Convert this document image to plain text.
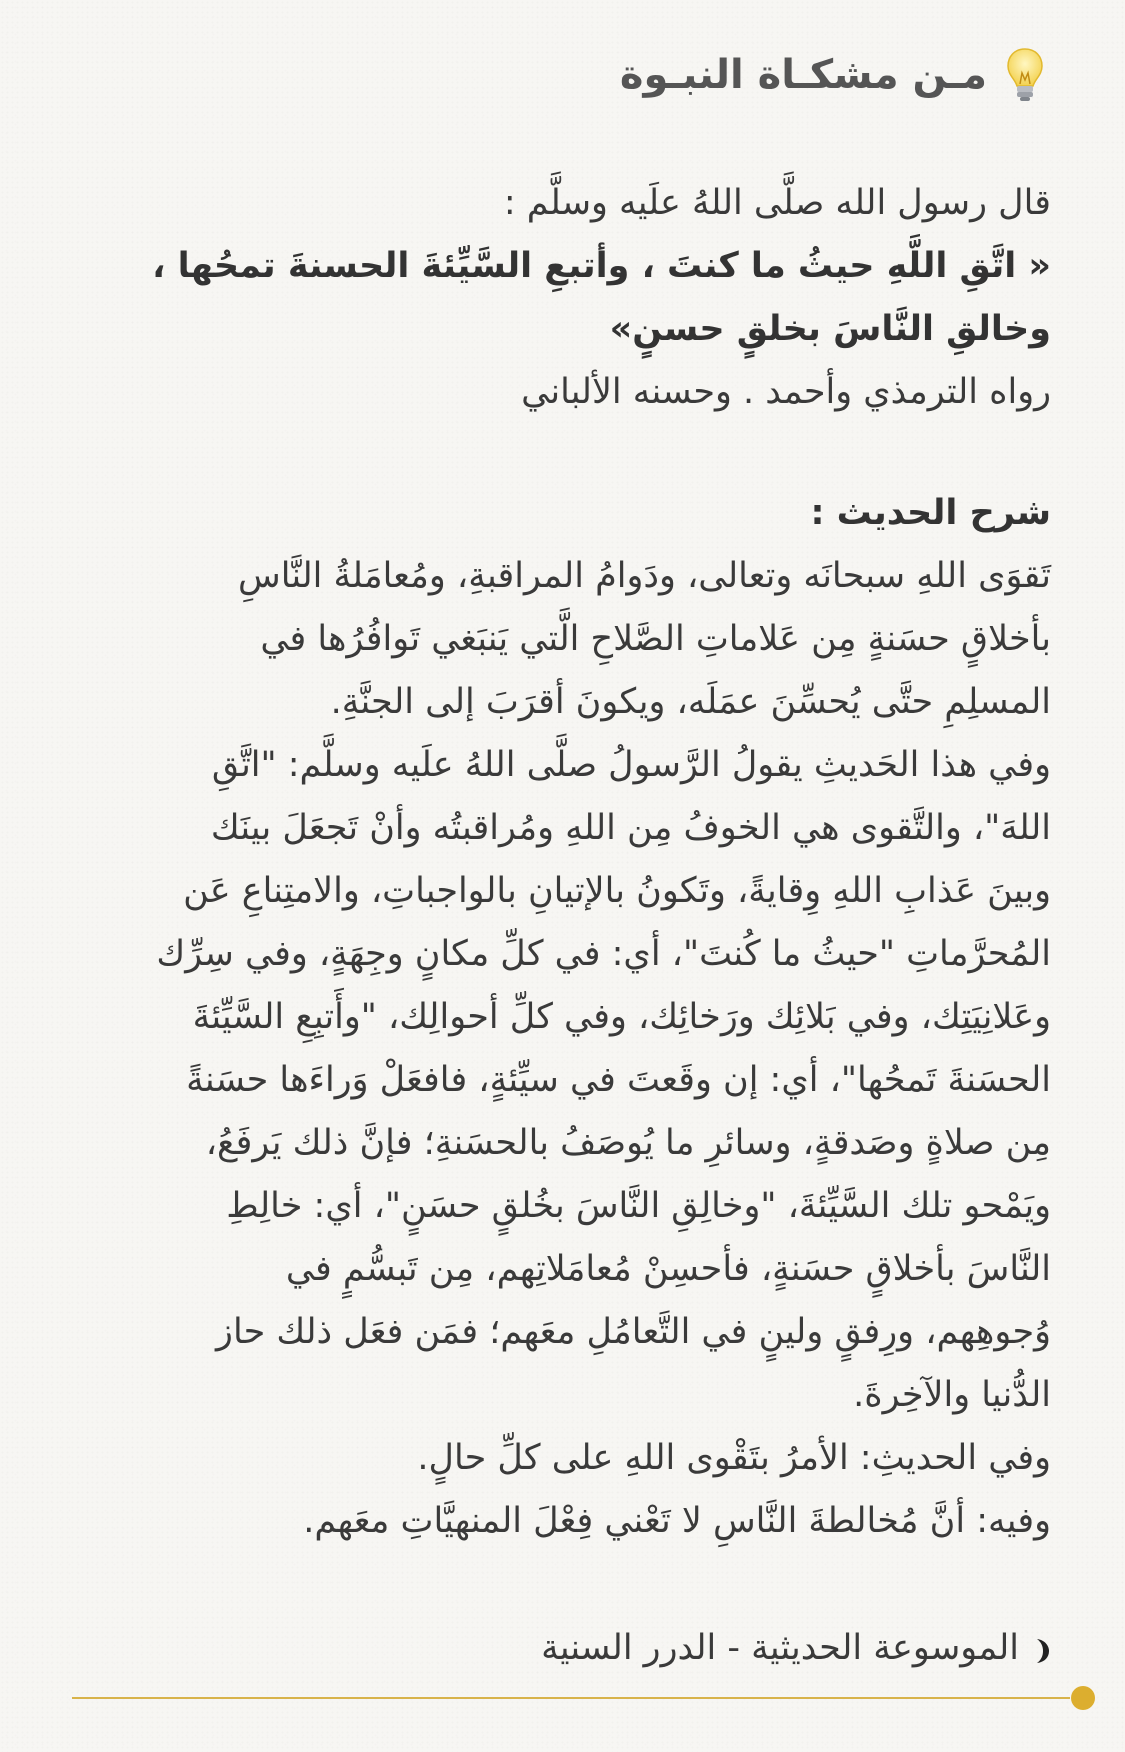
مـن مشكـاة النبـوة

قال رسول الله صلَّى اللهُ علَيه وسلَّم :

« اتَّقِ اللَّهِ حيثُ ما كنتَ ، وأتبعِ السَّيِّئةَ الحسنةَ تمحُها ،

وخالقِ النَّاسَ بخلقٍ حسنٍ»

رواه الترمذي وأحمد . وحسنه الألباني

شرح الحديث :

تَقوَى اللهِ سبحانَه وتعالى، ودَوامُ المراقبةِ، ومُعامَلةُ النَّاسِ

بأخلاقٍ حسَنةٍ مِن عَلاماتِ الصَّلاحِ الَّتي يَنبَغي تَوافُرُها في

المسلِمِ حتَّى يُحسِّنَ عمَلَه، ويكونَ أقرَبَ إلى الجنَّةِ.

وفي هذا الحَديثِ يقولُ الرَّسولُ صلَّى اللهُ علَيه وسلَّم: "اتَّقِ

اللهَ"، والتَّقوى هي الخوفُ مِن اللهِ ومُراقبتُه وأنْ تَجعَلَ بينَك

وبينَ عَذابِ اللهِ وِقايةً، وتَكونُ بالإتيانِ بالواجباتِ، والامتِناعِ عَن

المُحرَّماتِ "حيثُ ما كُنتَ"، أي: في كلِّ مكانٍ وجِهَةٍ، وفي سِرِّك

وعَلانِيَتِك، وفي بَلائِك ورَخائِك، وفي كلِّ أحوالِك، "وأَتبِعِ السَّيِّئةَ

الحسَنةَ تَمحُها"، أي: إن وقَعتَ في سيِّئةٍ، فافعَلْ وَراءَها حسَنةً

مِن صلاةٍ وصَدقةٍ، وسائرِ ما يُوصَفُ بالحسَنةِ؛ فإنَّ ذلك يَرفَعُ،

ويَمْحو تلك السَّيِّئةَ، "وخالِقِ النَّاسَ بخُلقٍ حسَنٍ"، أي: خالِطِ

النَّاسَ بأخلاقٍ حسَنةٍ، فأحسِنْ مُعامَلاتِهم، مِن تَبسُّمٍ في

وُجوهِهم، ورِفقٍ ولينٍ في التَّعامُلِ معَهم؛ فمَن فعَل ذلك حاز

الدُّنيا والآخِرةَ.

وفي الحديثِ: الأمرُ بتَقْوى اللهِ على كلِّ حالٍ.

وفيه: أنَّ مُخالطةَ النَّاسِ لا تَعْني فِعْلَ المنهيَّاتِ معَهم.

الموسوعة الحديثية - الدرر السنية
